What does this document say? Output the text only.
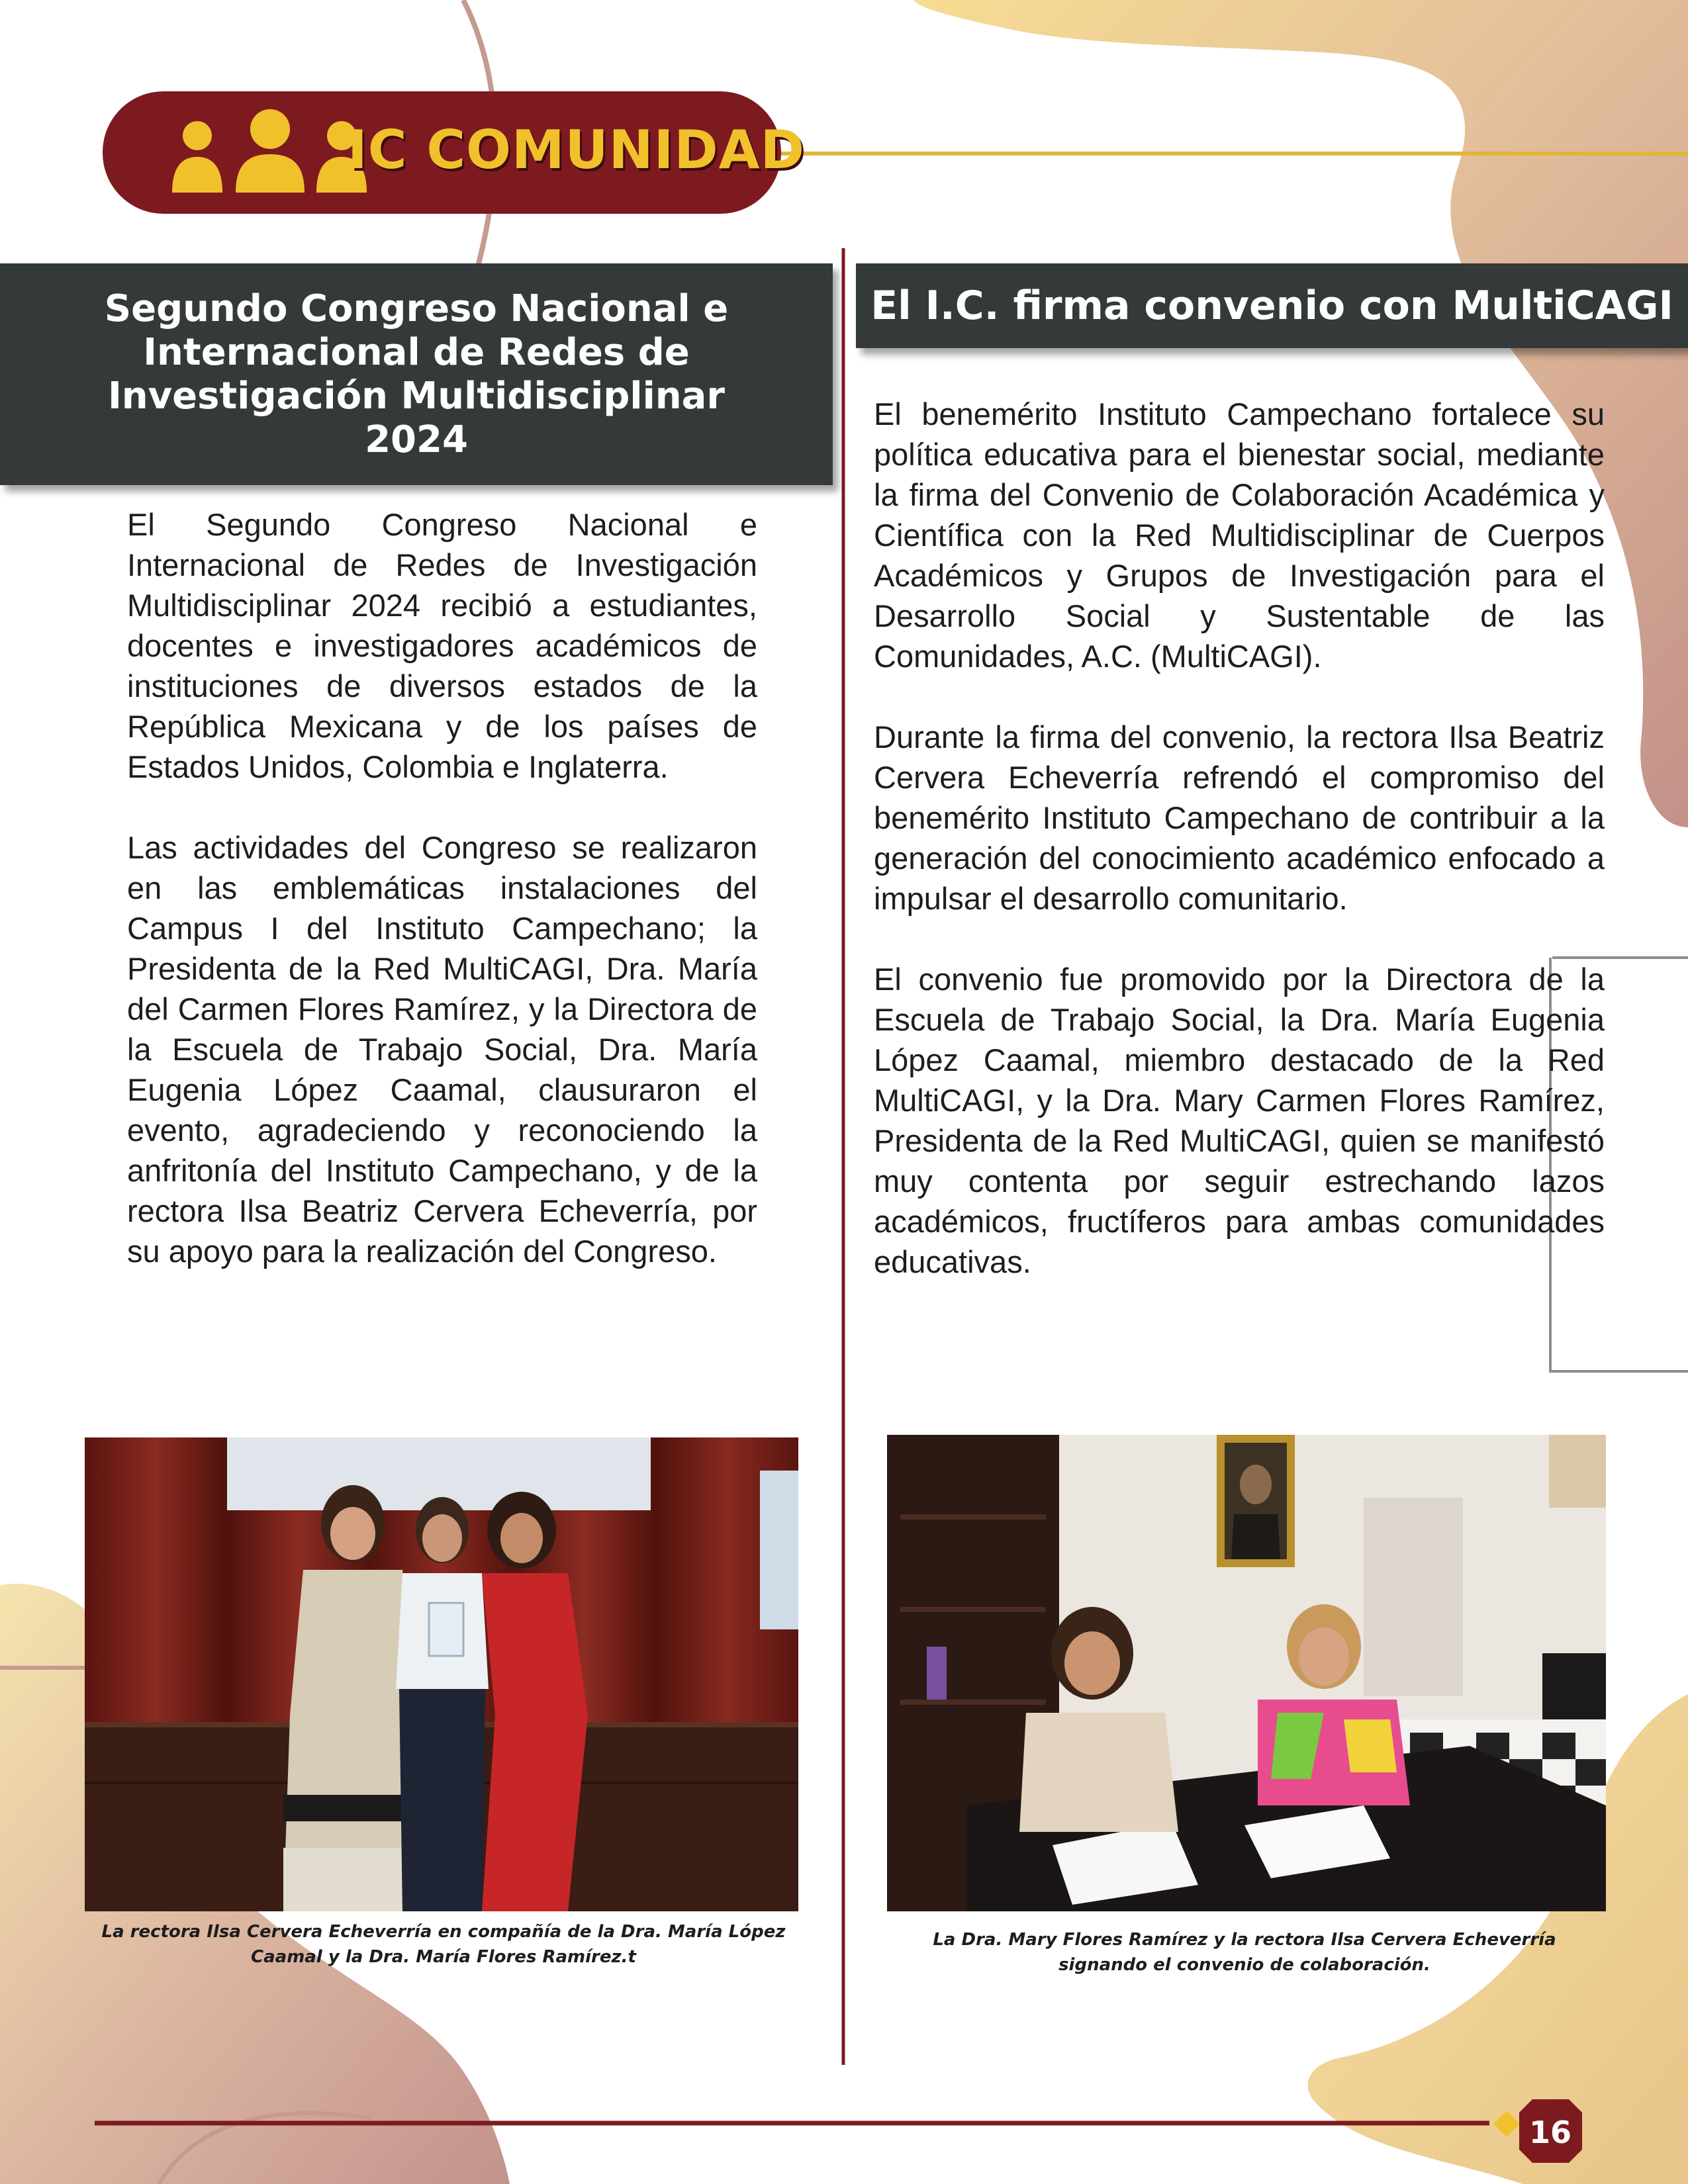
IC COMUNIDAD
Segundo Congreso Nacional e Internacional de Redes de Investigación Multidisciplinar 2024

El Segundo Congreso Nacional e Internacional de Redes de Investigación Multidisciplinar 2024 recibió a estudiantes, docentes e investigadores académicos de instituciones de diversos estados de la República Mexicana y de los países de Estados Unidos, Colombia e Inglaterra.

Las actividades del Congreso se realizaron en las emblemáticas instalaciones del Campus I del Instituto Campechano; la Presidenta de la Red MultiCAGI, Dra. María del Carmen Flores Ramírez, y la Directora de la Escuela de Trabajo Social, Dra. María Eugenia López Caamal, clausuraron el evento, agradeciendo y reconociendo la anfritonía del Instituto Campechano, y de la rectora Ilsa Beatriz Cervera Echeverría, por su apoyo para la realización del Congreso.

El I.C. firma convenio con MultiCAGI

El benemérito Instituto Campechano fortalece su política educativa para el bienestar social, mediante la firma del Convenio de Colaboración Académica y Científica con la Red Multidisciplinar de Cuerpos Académicos y Grupos de Investigación para el Desarrollo Social y Sustentable de las Comunidades, A.C. (MultiCAGI).

Durante la firma del convenio, la rectora Ilsa Beatriz Cervera Echeverría refrendó el compromiso del benemérito Instituto Campechano de contribuir a la generación del conocimiento académico enfocado a impulsar el desarrollo comunitario.

El convenio fue promovido por la Directora de la Escuela de Trabajo Social, la Dra. María Eugenia López Caamal, miembro destacado de la Red MultiCAGI, y la Dra. Mary Carmen Flores Ramírez, Presidenta de la Red MultiCAGI, quien se manifestó muy contenta por seguir estrechando lazos académicos, fructíferos para ambas comunidades educativas.

La rectora Ilsa Cervera Echeverría en compañía de la Dra. María López Caamal y la Dra. María Flores Ramírez.t
La Dra. Mary Flores Ramírez y la rectora Ilsa Cervera Echeverría signando el convenio de colaboración.
16
